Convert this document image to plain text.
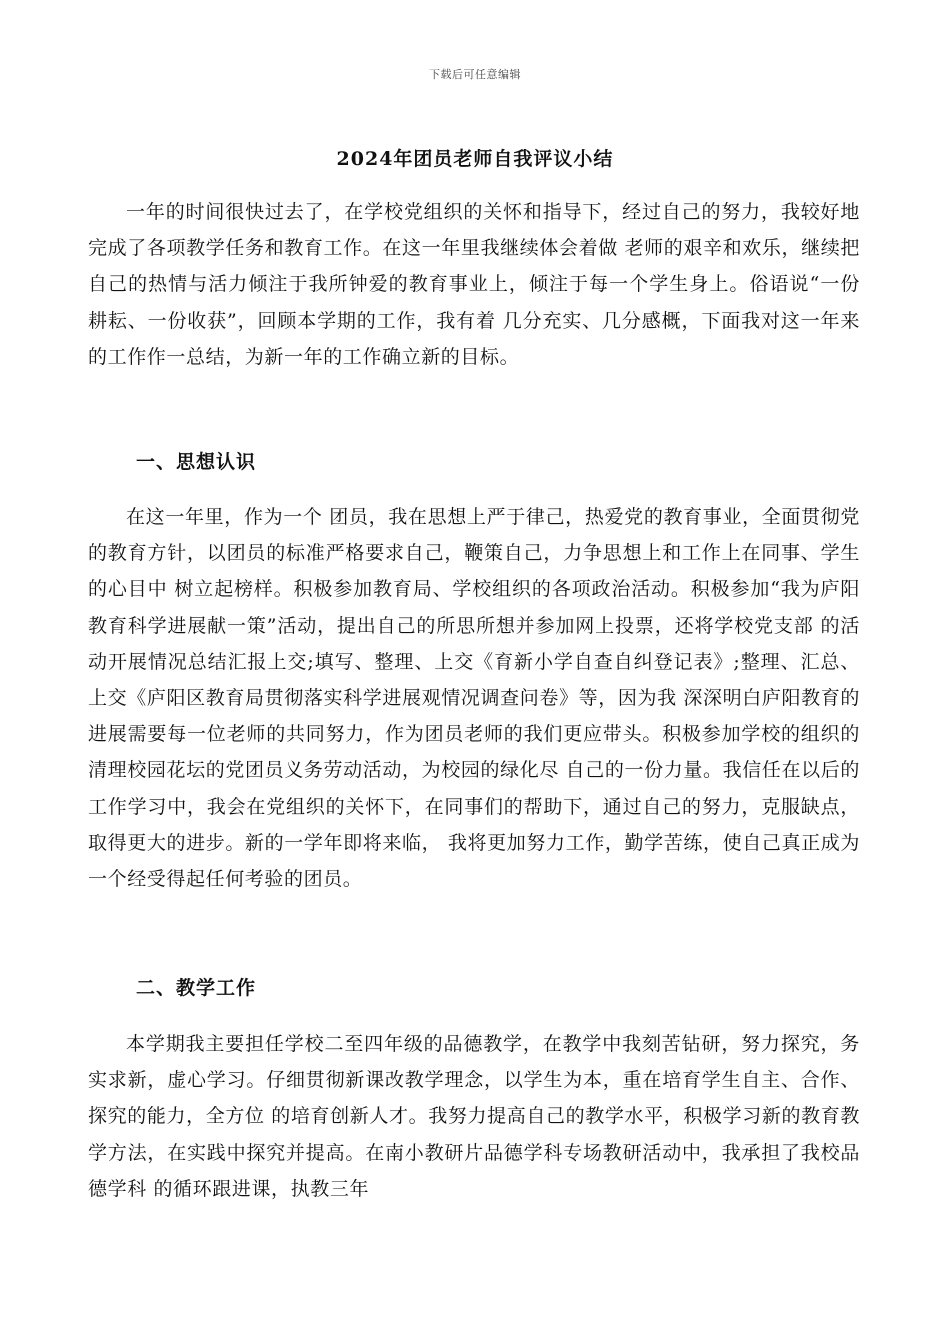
下载后可任意编辑
2024年团员老师自我评议小结

一年的时间很快过去了，在学校党组织的关怀和指导下，经过自己的努力，我较好地完成了各项教学任务和教育工作。在这一年里我继续体会着做 老师的艰辛和欢乐，继续把自己的热情与活力倾注于我所钟爱的教育事业上，倾注于每一个学生身上。俗语说“一份耕耘、一份收获”，回顾本学期的工作，我有着 几分充实、几分感概，下面我对这一年来的工作作一总结，为新一年的工作确立新的目标。

一、思想认识

在这一年里，作为一个 团员，我在思想上严于律己，热爱党的教育事业，全面贯彻党的教育方针，以团员的标准严格要求自己，鞭策自己，力争思想上和工作上在同事、学生的心目中 树立起榜样。积极参加教育局、学校组织的各项政治活动。积极参加“我为庐阳教育科学进展献一策”活动，提出自己的所思所想并参加网上投票，还将学校党支部 的活动开展情况总结汇报上交;填写、整理、上交《育新小学自查自纠登记表》;整理、汇总、上交《庐阳区教育局贯彻落实科学进展观情况调查问卷》等，因为我 深深明白庐阳教育的进展需要每一位老师的共同努力，作为团员老师的我们更应带头。积极参加学校的组织的清理校园花坛的党团员义务劳动活动，为校园的绿化尽 自己的一份力量。我信任在以后的工作学习中，我会在党组织的关怀下，在同事们的帮助下，通过自己的努力，克服缺点，取得更大的进步。新的一学年即将来临， 我将更加努力工作，勤学苦练，使自己真正成为一个经受得起任何考验的团员。

二、教学工作

本学期我主要担任学校二至四年级的品德教学，在教学中我刻苦钻研，努力探究，务实求新，虚心学习。仔细贯彻新课改教学理念，以学生为本，重在培育学生自主、合作、探究的能力，全方位 的培育创新人才。我努力提高自己的教学水平，积极学习新的教育教学方法，在实践中探究并提高。在南小教研片品德学科专场教研活动中，我承担了我校品德学科 的循环跟进课，执教三年
